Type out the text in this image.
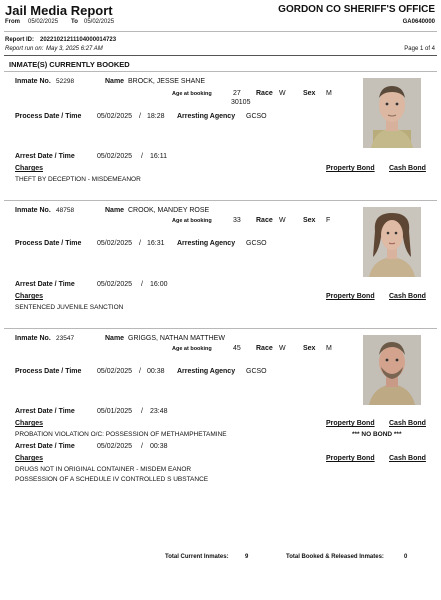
Jail Media Report	GORDON CO SHERIFF'S OFFICE
From 05/02/2025 To 05/02/2025	GA0640000
Report ID: 20221021211104000014723
Report run on: May 3, 2025 6:27 AM	Page 1 of 4
INMATE(S) CURRENTLY BOOKED
Inmate No. 52298	Name BROCK, JESSE SHANE
Age at booking	27
30105
Race W Sex M
Process Date / Time 05/02/2025 / 18:28 Arresting Agency GCSO
Arrest Date / Time	05/02/2025 / 16:11
Charges	Property Bond Cash Bond
THEFT BY DECEPTION - MISDEMEANOR
Inmate No. 48758	Name CROOK, MANDEY ROSE
Age at booking	33 Race W Sex F
Process Date / Time 05/02/2025 / 16:31 Arresting Agency GCSO
Arrest Date / Time	05/02/2025 / 16:00
Charges	Property Bond Cash Bond
SENTENCED JUVENILE SANCTION
Inmate No. 23547	Name GRIGGS, NATHAN MATTHEW
Age at booking	45 Race W Sex M
Process Date / Time 05/02/2025 / 00:38 Arresting Agency GCSO
Arrest Date / Time	05/01/2025 / 23:48
Charges	Property Bond Cash Bond
PROBATION VIOLATION O/C: POSSESSION OF METHAMPHETAMINE	*** NO BOND ***
Arrest Date / Time	05/02/2025 / 00:38
Charges	Property Bond Cash Bond
DRUGS NOT IN ORIGINAL CONTAINER - MISDEM EANOR
POSSESSION OF A SCHEDULE IV CONTROLLED S UBSTANCE
Total Current Inmates:	9	Total Booked & Released Inmates:	0
